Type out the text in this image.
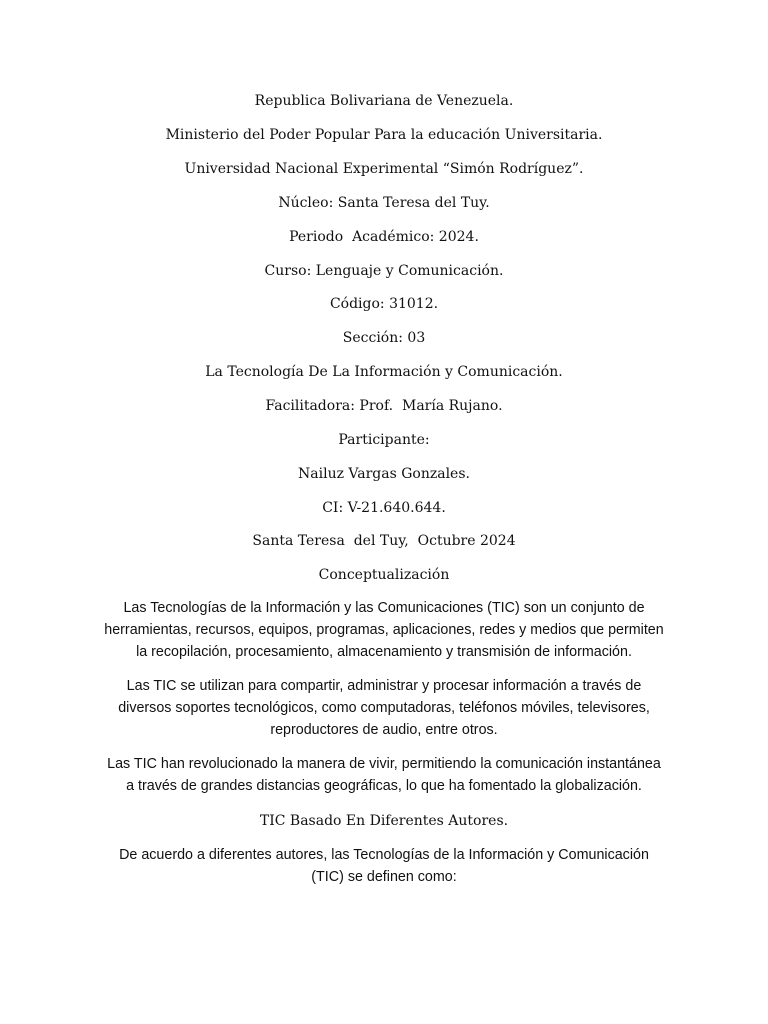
Republica Bolivariana de Venezuela.
Ministerio del Poder Popular Para la educación Universitaria.
Universidad Nacional Experimental “Simón Rodríguez”.
Núcleo: Santa Teresa del Tuy.
Periodo  Académico: 2024.
Curso: Lenguaje y Comunicación.
Código: 31012.
Sección: 03
La Tecnología De La Información y Comunicación.
Facilitadora: Prof.  María Rujano.
Participante:
Nailuz Vargas Gonzales.
CI: V-21.640.644.
Santa Teresa  del Tuy,  Octubre 2024
Conceptualización
Las Tecnologías de la Información y las Comunicaciones (TIC) son un conjunto de herramientas, recursos, equipos, programas, aplicaciones, redes y medios que permiten la recopilación, procesamiento, almacenamiento y transmisión de información.
Las TIC se utilizan para compartir, administrar y procesar información a través de diversos soportes tecnológicos, como computadoras, teléfonos móviles, televisores, reproductores de audio, entre otros.
Las TIC han revolucionado la manera de vivir, permitiendo la comunicación instantánea a través de grandes distancias geográficas, lo que ha fomentado la globalización.
TIC Basado En Diferentes Autores.
De acuerdo a diferentes autores, las Tecnologías de la Información y Comunicación (TIC) se definen como:
